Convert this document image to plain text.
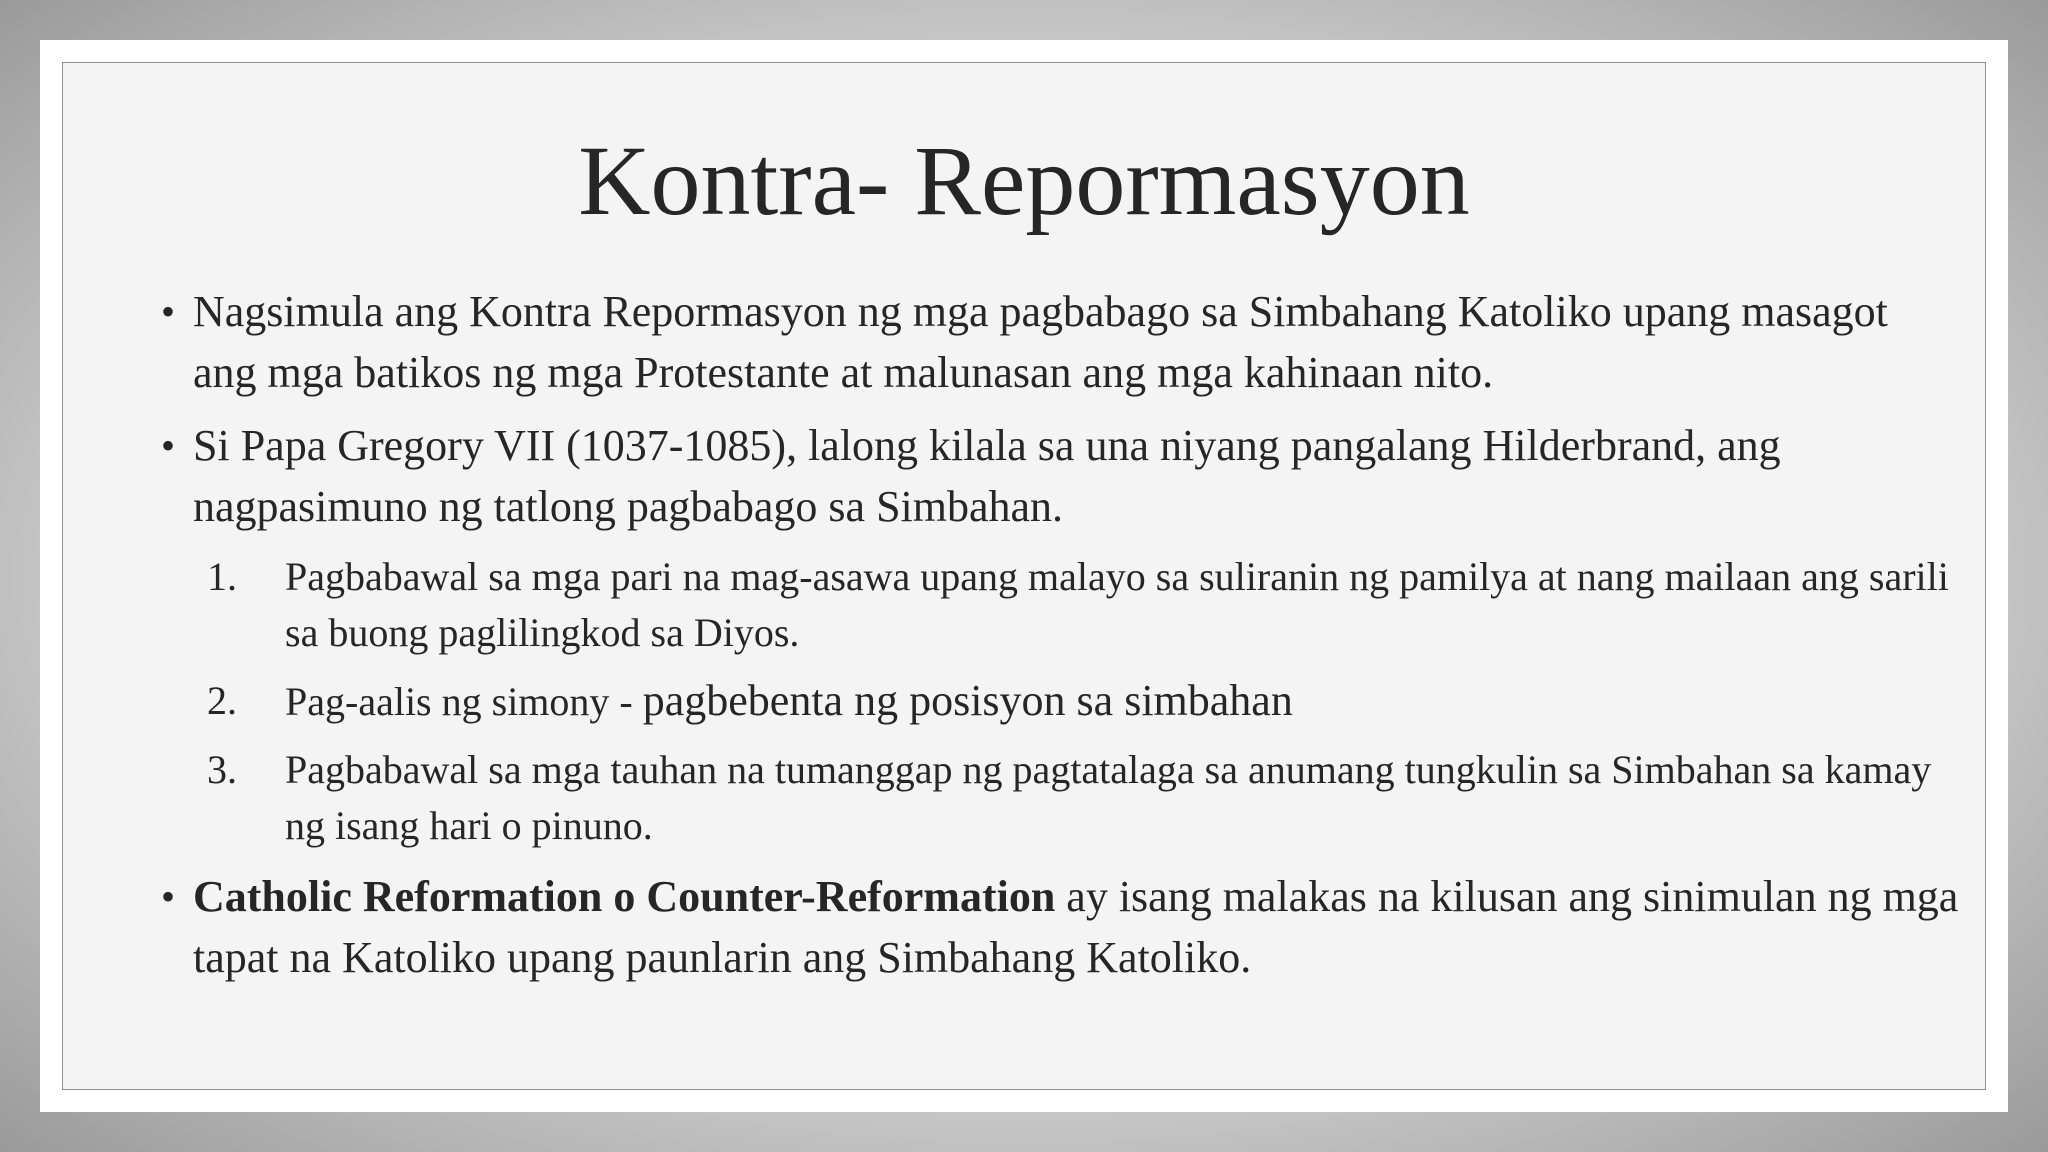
Kontra- Repormasyon
• Nagsimula ang Kontra Repormasyon ng mga pagbabago sa Simbahang Katoliko upang masagot ang mga batikos ng mga Protestante at malunasan ang mga kahinaan nito.
• Si Papa Gregory VII (1037-1085), lalong kilala sa una niyang pangalang Hilderbrand, ang nagpasimuno ng tatlong pagbabago sa Simbahan.
1. Pagbabawal sa mga pari na mag-asawa upang malayo sa suliranin ng pamilya at nang mailaan ang sarili sa buong paglilingkod sa Diyos.
2. Pag-aalis ng simony - pagbebenta ng posisyon sa simbahan
3. Pagbabawal sa mga tauhan na tumanggap ng pagtatalaga sa anumang tungkulin sa Simbahan sa kamay ng isang hari o pinuno.
• Catholic Reformation o Counter-Reformation ay isang malakas na kilusan ang sinimulan ng mga tapat na Katoliko upang paunlarin ang Simbahang Katoliko.
